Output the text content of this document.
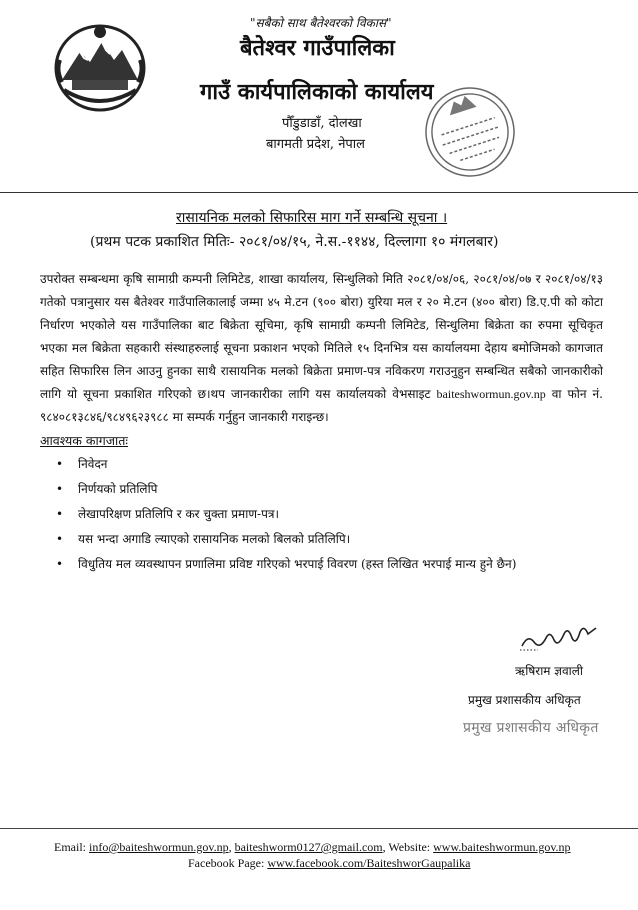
"सबैको साथ बैतेश्वरको विकास"
बैतेश्वर गाउँपालिका
गाउँ कार्यपालिकाको कार्यालय
पौँडुडाडाँ, दोलखा
बागमती प्रदेश, नेपाल
रासायनिक मलको सिफारिस माग गर्ने सम्बन्धि सूचना ।
(प्रथम पटक प्रकाशित मितिः- २०८१/०४/१५, ने.स.-११४४, दिल्लागा १० मंगलबार)
उपरोक्त सम्बन्धमा कृषि सामाग्री कम्पनी लिमिटेड, शाखा कार्यालय, सिन्धुलिको मिति २०८१/०४/०६, २०८१/०४/०७ र २०८१/०४/१३ गतेको पत्रानुसार यस बैतेश्वर गाउँपालिकालाई जम्मा ४५ मे.टन (९०० बोरा) युरिया मल र २० मे.टन (४०० बोरा) डि.ए.पी को कोटा निर्धारण भएकोले यस गाउँपालिका बाट बिक्रेता सूचिमा, कृषि सामाग्री कम्पनी लिमिटेड, सिन्धुलिमा बिक्रेता का रुपमा सूचिकृत भएका मल बिक्रेता सहकारी संस्थाहरुलाई सूचना प्रकाशन भएको मितिले १५ दिनभित्र यस कार्यालयमा देहाय बमोजिमको कागजात सहित सिफारिस लिन आउनु हुनका साथै रासायनिक मलको बिक्रेता प्रमाण-पत्र नविकरण गराउनुहुन सम्बन्धित सबैको जानकारीको लागि यो सूचना प्रकाशित गरिएको छ।थप जानकारीका लागि यस कार्यालयको वेभसाइट baiteshwormun.gov.np वा फोन नं. ९८४०८१३८४६/९८४९६२३९८८ मा सम्पर्क गर्नुहुन जानकारी गराइन्छ।
आवश्यक कागजातः
• निवेदन
• निर्णयको प्रतिलिपि
• लेखापरिक्षण प्रतिलिपि र कर चुक्ता प्रमाण-पत्र।
• यस भन्दा अगाडि ल्याएको रासायनिक मलको बिलको प्रतिलिपि।
• विधुतिय मल व्यवस्थापन प्रणालिमा प्रविष्ट गरिएको भरपाई विवरण (हस्त लिखित भरपाई मान्य हुने छैन)
ऋषिराम ज्ञवाली
प्रमुख प्रशासकीय अधिकृत
प्रमुख प्रशासकीय अधिकृत
Email: info@baiteshwormun.gov.np, baiteshworm0127@gmail.com, Website: www.baiteshwormun.gov.np
Facebook Page: www.facebook.com/BaiteshworGaupalika
